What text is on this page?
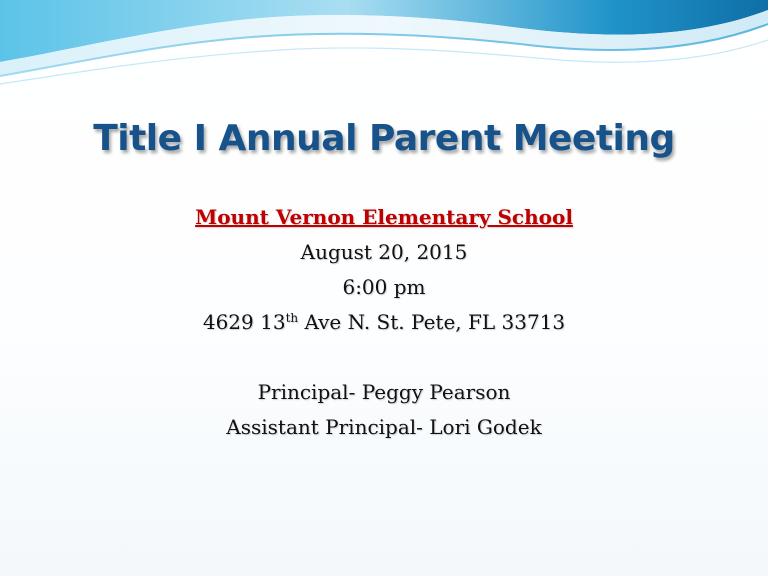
Title I Annual Parent Meeting
Mount Vernon Elementary School
August 20, 2015
6:00 pm
4629 13th Ave N. St. Pete, FL 33713
Principal- Peggy Pearson
Assistant Principal- Lori Godek
